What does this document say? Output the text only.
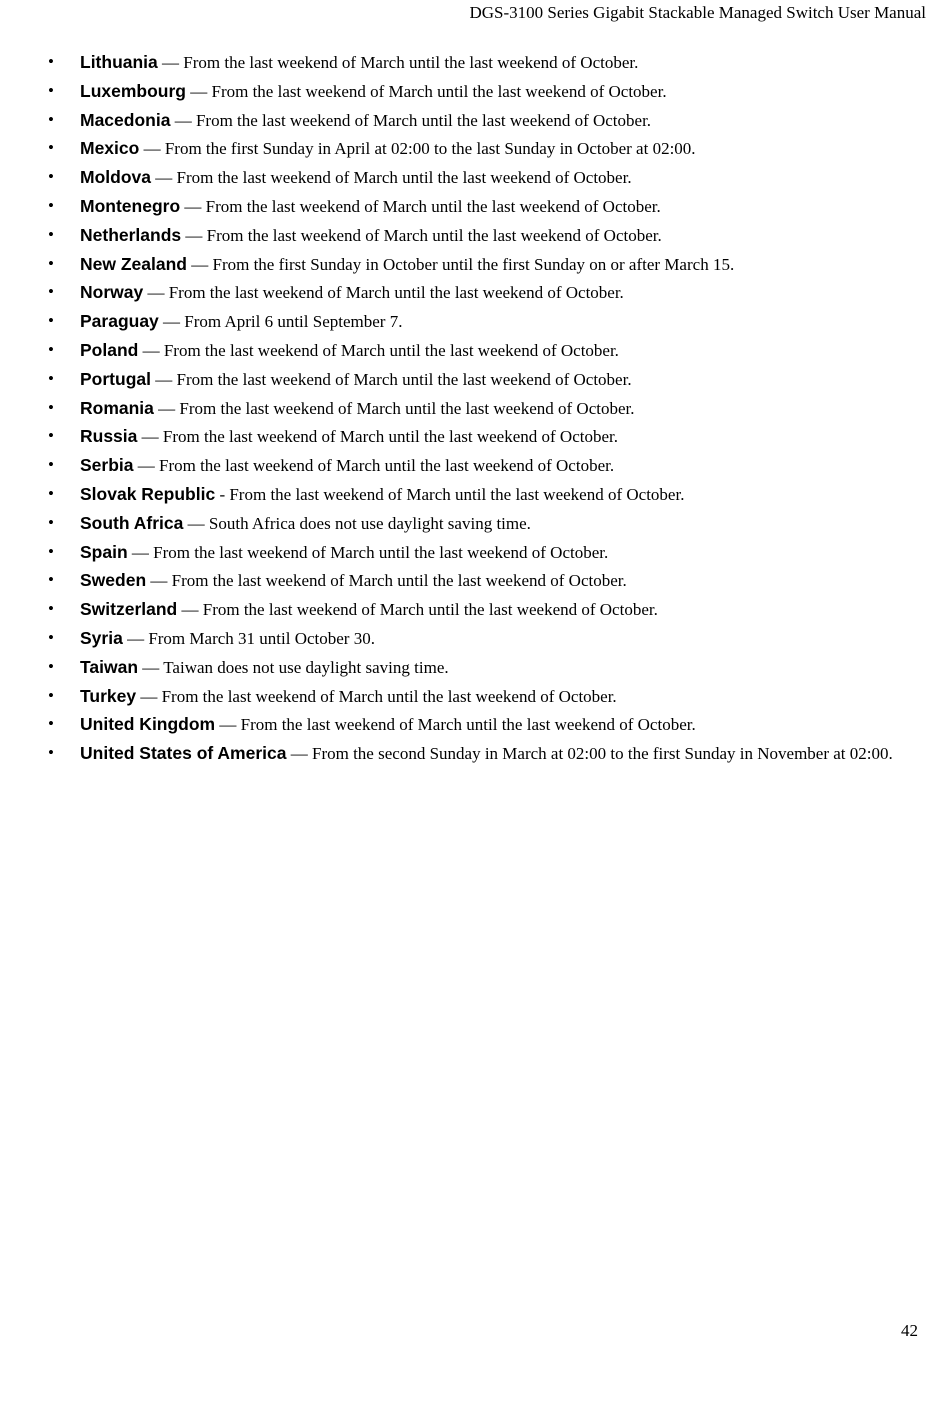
DGS-3100 Series Gigabit Stackable Managed Switch User Manual
• Lithuania — From the last weekend of March until the last weekend of October.
• Luxembourg — From the last weekend of March until the last weekend of October.
• Macedonia — From the last weekend of March until the last weekend of October.
• Mexico — From the first Sunday in April at 02:00 to the last Sunday in October at 02:00.
• Moldova — From the last weekend of March until the last weekend of October.
• Montenegro — From the last weekend of March until the last weekend of October.
• Netherlands — From the last weekend of March until the last weekend of October.
• New Zealand — From the first Sunday in October until the first Sunday on or after March 15.
• Norway — From the last weekend of March until the last weekend of October.
• Paraguay — From April 6 until September 7.
• Poland — From the last weekend of March until the last weekend of October.
• Portugal — From the last weekend of March until the last weekend of October.
• Romania — From the last weekend of March until the last weekend of October.
• Russia — From the last weekend of March until the last weekend of October.
• Serbia — From the last weekend of March until the last weekend of October.
• Slovak Republic - From the last weekend of March until the last weekend of October.
• South Africa — South Africa does not use daylight saving time.
• Spain — From the last weekend of March until the last weekend of October.
• Sweden — From the last weekend of March until the last weekend of October.
• Switzerland — From the last weekend of March until the last weekend of October.
• Syria — From March 31 until October 30.
• Taiwan — Taiwan does not use daylight saving time.
• Turkey — From the last weekend of March until the last weekend of October.
• United Kingdom — From the last weekend of March until the last weekend of October.
• United States of America — From the second Sunday in March at 02:00 to the first Sunday in November at 02:00.
42
